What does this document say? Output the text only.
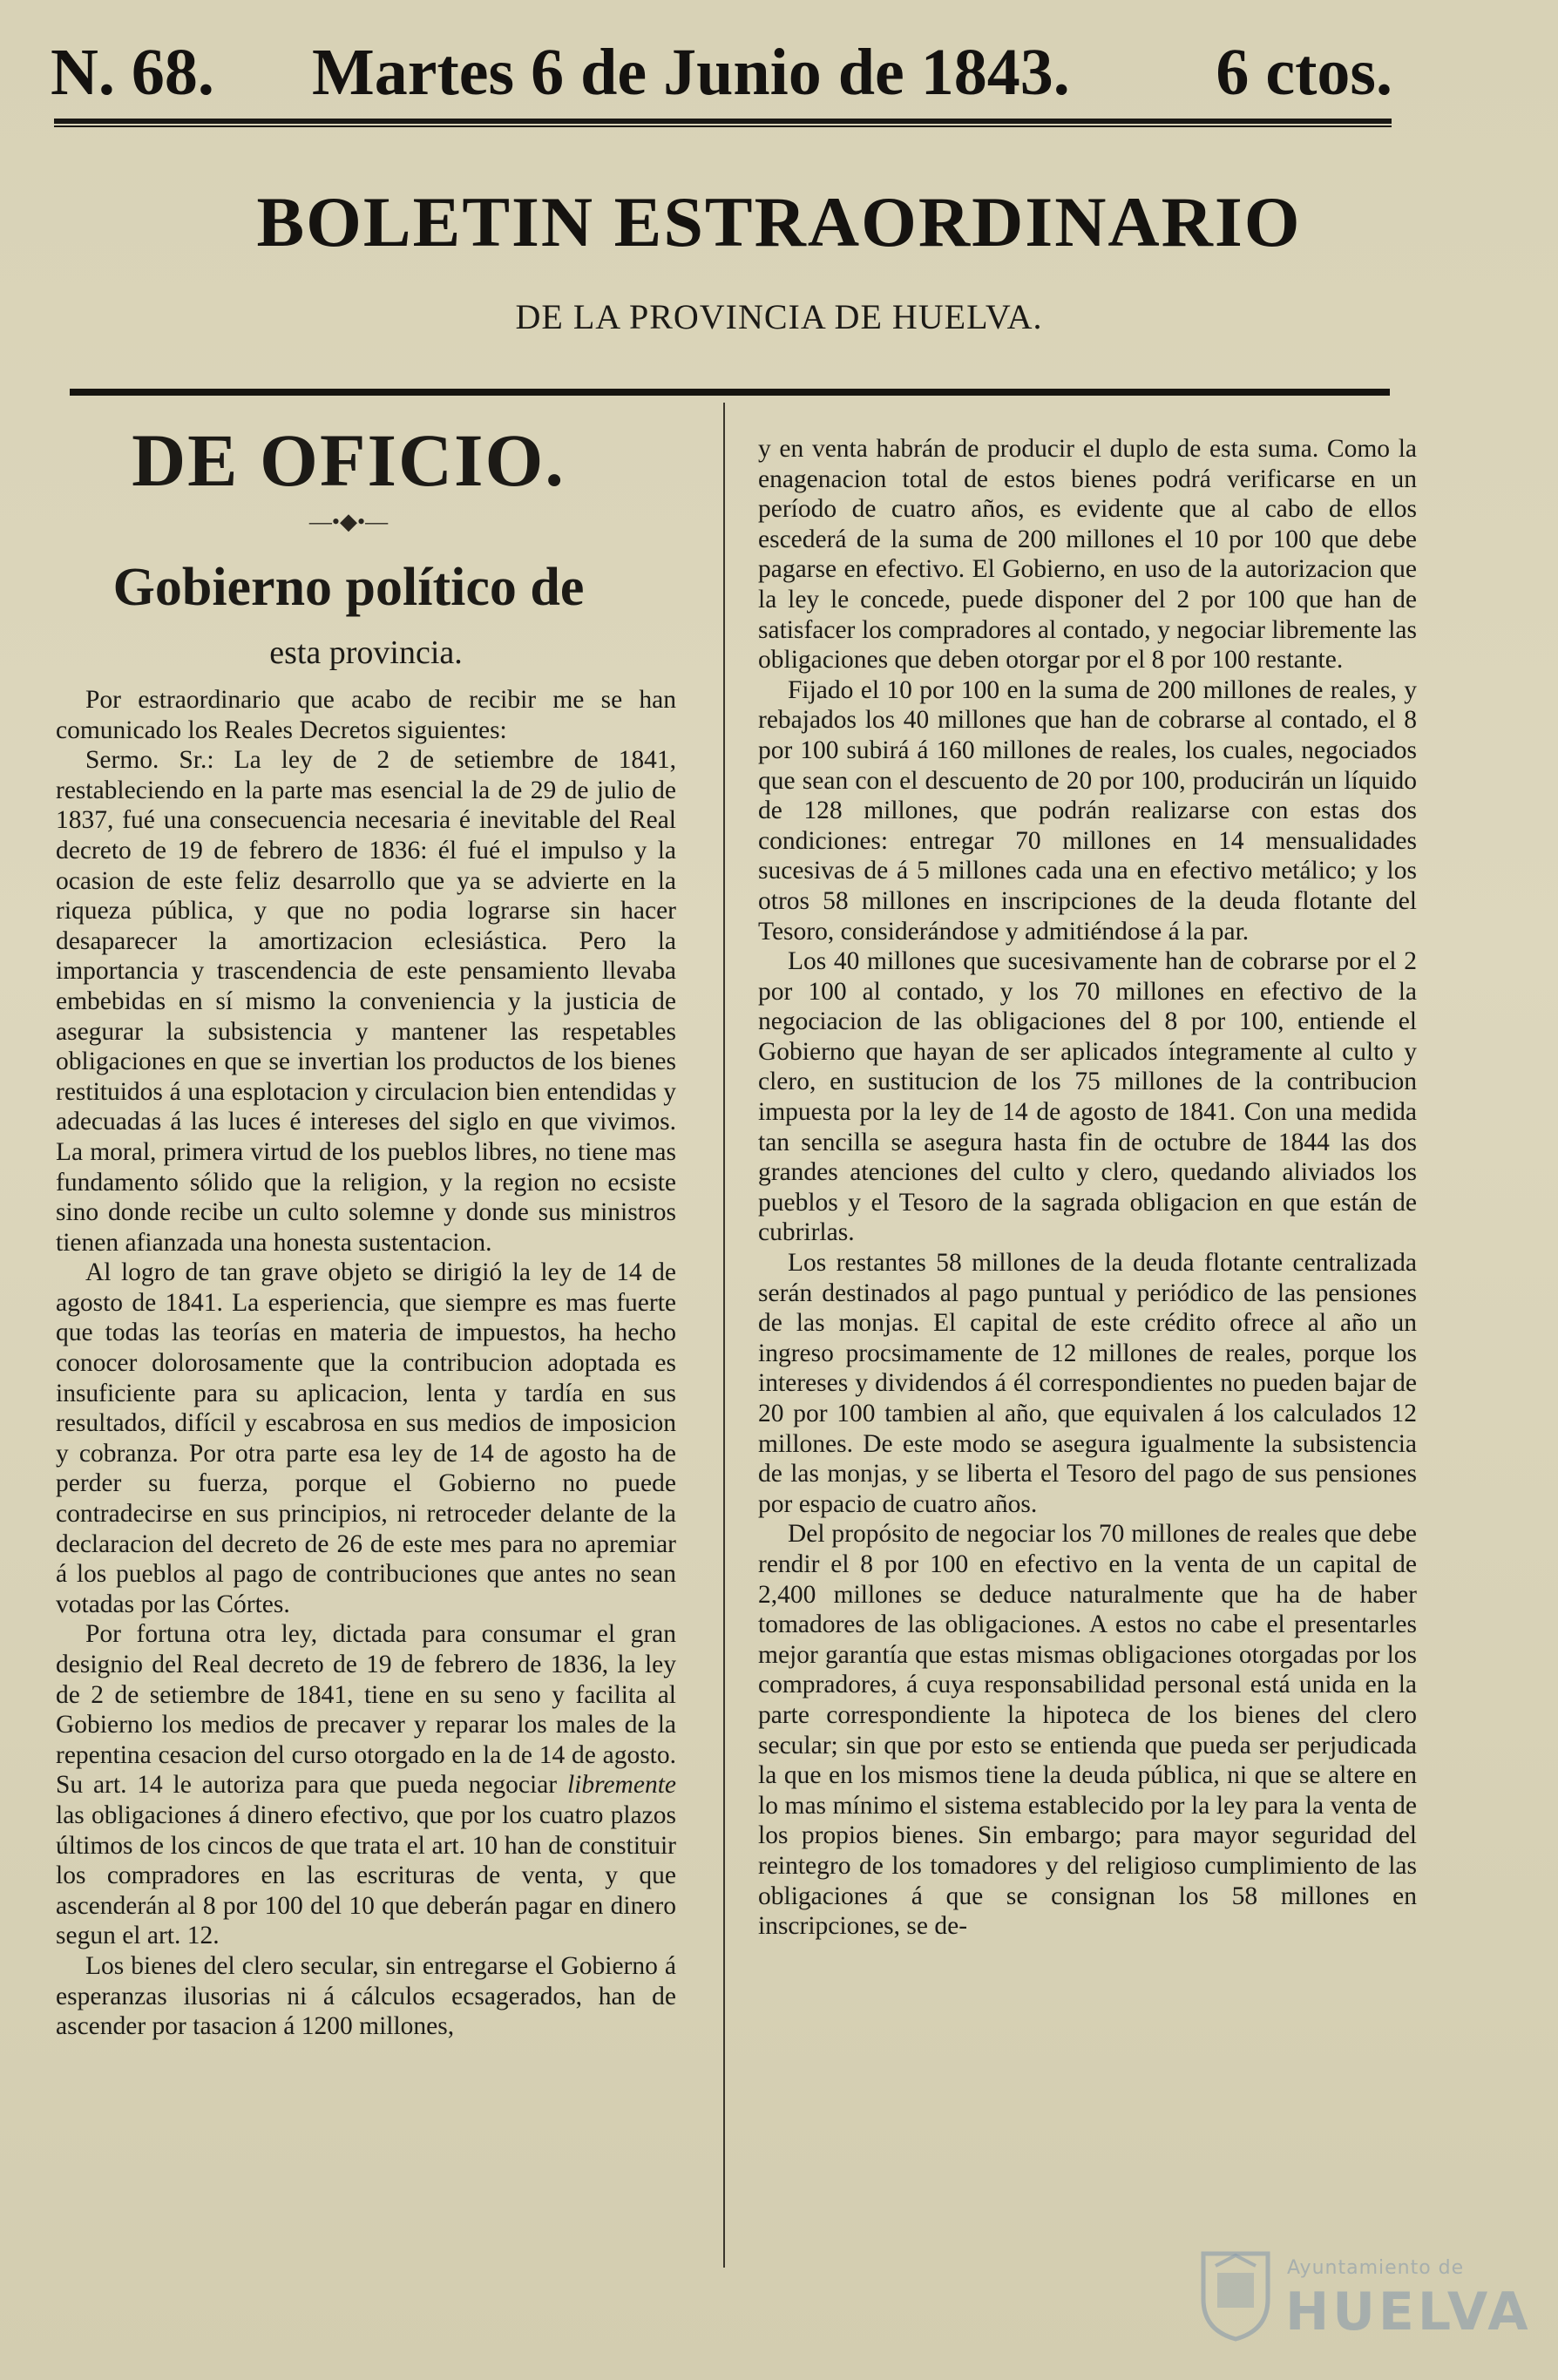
N. 68. Martes 6 de Junio de 1843. 6 ctos.
BOLETIN ESTRAORDINARIO
DE LA PROVINCIA DE HUELVA.
DE OFICIO.
—•◆•—
Gobierno político de
esta provincia.

Por estraordinario que acabo de recibir me se han comunicado los Reales Decretos siguientes:

Sermo. Sr.: La ley de 2 de setiembre de 1841, restableciendo en la parte mas esencial la de 29 de julio de 1837, fué una consecuencia necesaria é inevitable del Real decreto de 19 de febrero de 1836: él fué el impulso y la ocasion de este feliz desarrollo que ya se advierte en la riqueza pública, y que no podia lograrse sin hacer desaparecer la amortizacion eclesiástica. Pero la importancia y trascendencia de este pensamiento llevaba embebidas en sí mismo la conveniencia y la justicia de asegurar la subsistencia y mantener las respetables obligaciones en que se invertian los productos de los bienes restituidos á una esplotacion y circulacion bien entendidas y adecuadas á las luces é intereses del siglo en que vivimos. La moral, primera virtud de los pueblos libres, no tiene mas fundamento sólido que la religion, y la region no ecsiste sino donde recibe un culto solemne y donde sus ministros tienen afianzada una honesta sustentacion.

Al logro de tan grave objeto se dirigió la ley de 14 de agosto de 1841. La esperiencia, que siempre es mas fuerte que todas las teorías en materia de impuestos, ha hecho conocer dolorosamente que la contribucion adoptada es insuficiente para su aplicacion, lenta y tardía en sus resultados, difícil y escabrosa en sus medios de imposicion y cobranza. Por otra parte esa ley de 14 de agosto ha de perder su fuerza, porque el Gobierno no puede contradecirse en sus principios, ni retroceder delante de la declaracion del decreto de 26 de este mes para no apremiar á los pueblos al pago de contribuciones que antes no sean votadas por las Córtes.

Por fortuna otra ley, dictada para consumar el gran designio del Real decreto de 19 de febrero de 1836, la ley de 2 de setiembre de 1841, tiene en su seno y facilita al Gobierno los medios de precaver y reparar los males de la repentina cesacion del curso otorgado en la de 14 de agosto. Su art. 14 le autoriza para que pueda negociar libremente las obligaciones á dinero efectivo, que por los cuatro plazos últimos de los cincos de que trata el art. 10 han de constituir los compradores en las escrituras de venta, y que ascenderán al 8 por 100 del 10 que deberán pagar en dinero segun el art. 12.

Los bienes del clero secular, sin entregarse el Gobierno á esperanzas ilusorias ni á cálculos ecsagerados, han de ascender por tasacion á 1200 millones,

y en venta habrán de producir el duplo de esta suma. Como la enagenacion total de estos bienes podrá verificarse en un período de cuatro años, es evidente que al cabo de ellos escederá de la suma de 200 millones el 10 por 100 que debe pagarse en efectivo. El Gobierno, en uso de la autorizacion que la ley le concede, puede disponer del 2 por 100 que han de satisfacer los compradores al contado, y negociar libremente las obligaciones que deben otorgar por el 8 por 100 restante.

Fijado el 10 por 100 en la suma de 200 millones de reales, y rebajados los 40 millones que han de cobrarse al contado, el 8 por 100 subirá á 160 millones de reales, los cuales, negociados que sean con el descuento de 20 por 100, producirán un líquido de 128 millones, que podrán realizarse con estas dos condiciones: entregar 70 millones en 14 mensualidades sucesivas de á 5 millones cada una en efectivo metálico; y los otros 58 millones en inscripciones de la deuda flotante del Tesoro, considerándose y admitiéndose á la par.

Los 40 millones que sucesivamente han de cobrarse por el 2 por 100 al contado, y los 70 millones en efectivo de la negociacion de las obligaciones del 8 por 100, entiende el Gobierno que hayan de ser aplicados íntegramente al culto y clero, en sustitucion de los 75 millones de la contribucion impuesta por la ley de 14 de agosto de 1841. Con una medida tan sencilla se asegura hasta fin de octubre de 1844 las dos grandes atenciones del culto y clero, quedando aliviados los pueblos y el Tesoro de la sagrada obligacion en que están de cubrirlas.

Los restantes 58 millones de la deuda flotante centralizada serán destinados al pago puntual y periódico de las pensiones de las monjas. El capital de este crédito ofrece al año un ingreso procsimamente de 12 millones de reales, porque los intereses y dividendos á él correspondientes no pueden bajar de 20 por 100 tambien al año, que equivalen á los calculados 12 millones. De este modo se asegura igualmente la subsistencia de las monjas, y se liberta el Tesoro del pago de sus pensiones por espacio de cuatro años.

Del propósito de negociar los 70 millones de reales que debe rendir el 8 por 100 en efectivo en la venta de un capital de 2,400 millones se deduce naturalmente que ha de haber tomadores de las obligaciones. A estos no cabe el presentarles mejor garantía que estas mismas obligaciones otorgadas por los compradores, á cuya responsabilidad personal está unida en la parte correspondiente la hipoteca de los bienes del clero secular; sin que por esto se entienda que pueda ser perjudicada la que en los mismos tiene la deuda pública, ni que se altere en lo mas mínimo el sistema establecido por la ley para la venta de los propios bienes. Sin embargo; para mayor seguridad del reintegro de los tomadores y del religioso cumplimiento de las obligaciones á que se consignan los 58 millones en inscripciones, se de-

Ayuntamiento de
HUELVA
